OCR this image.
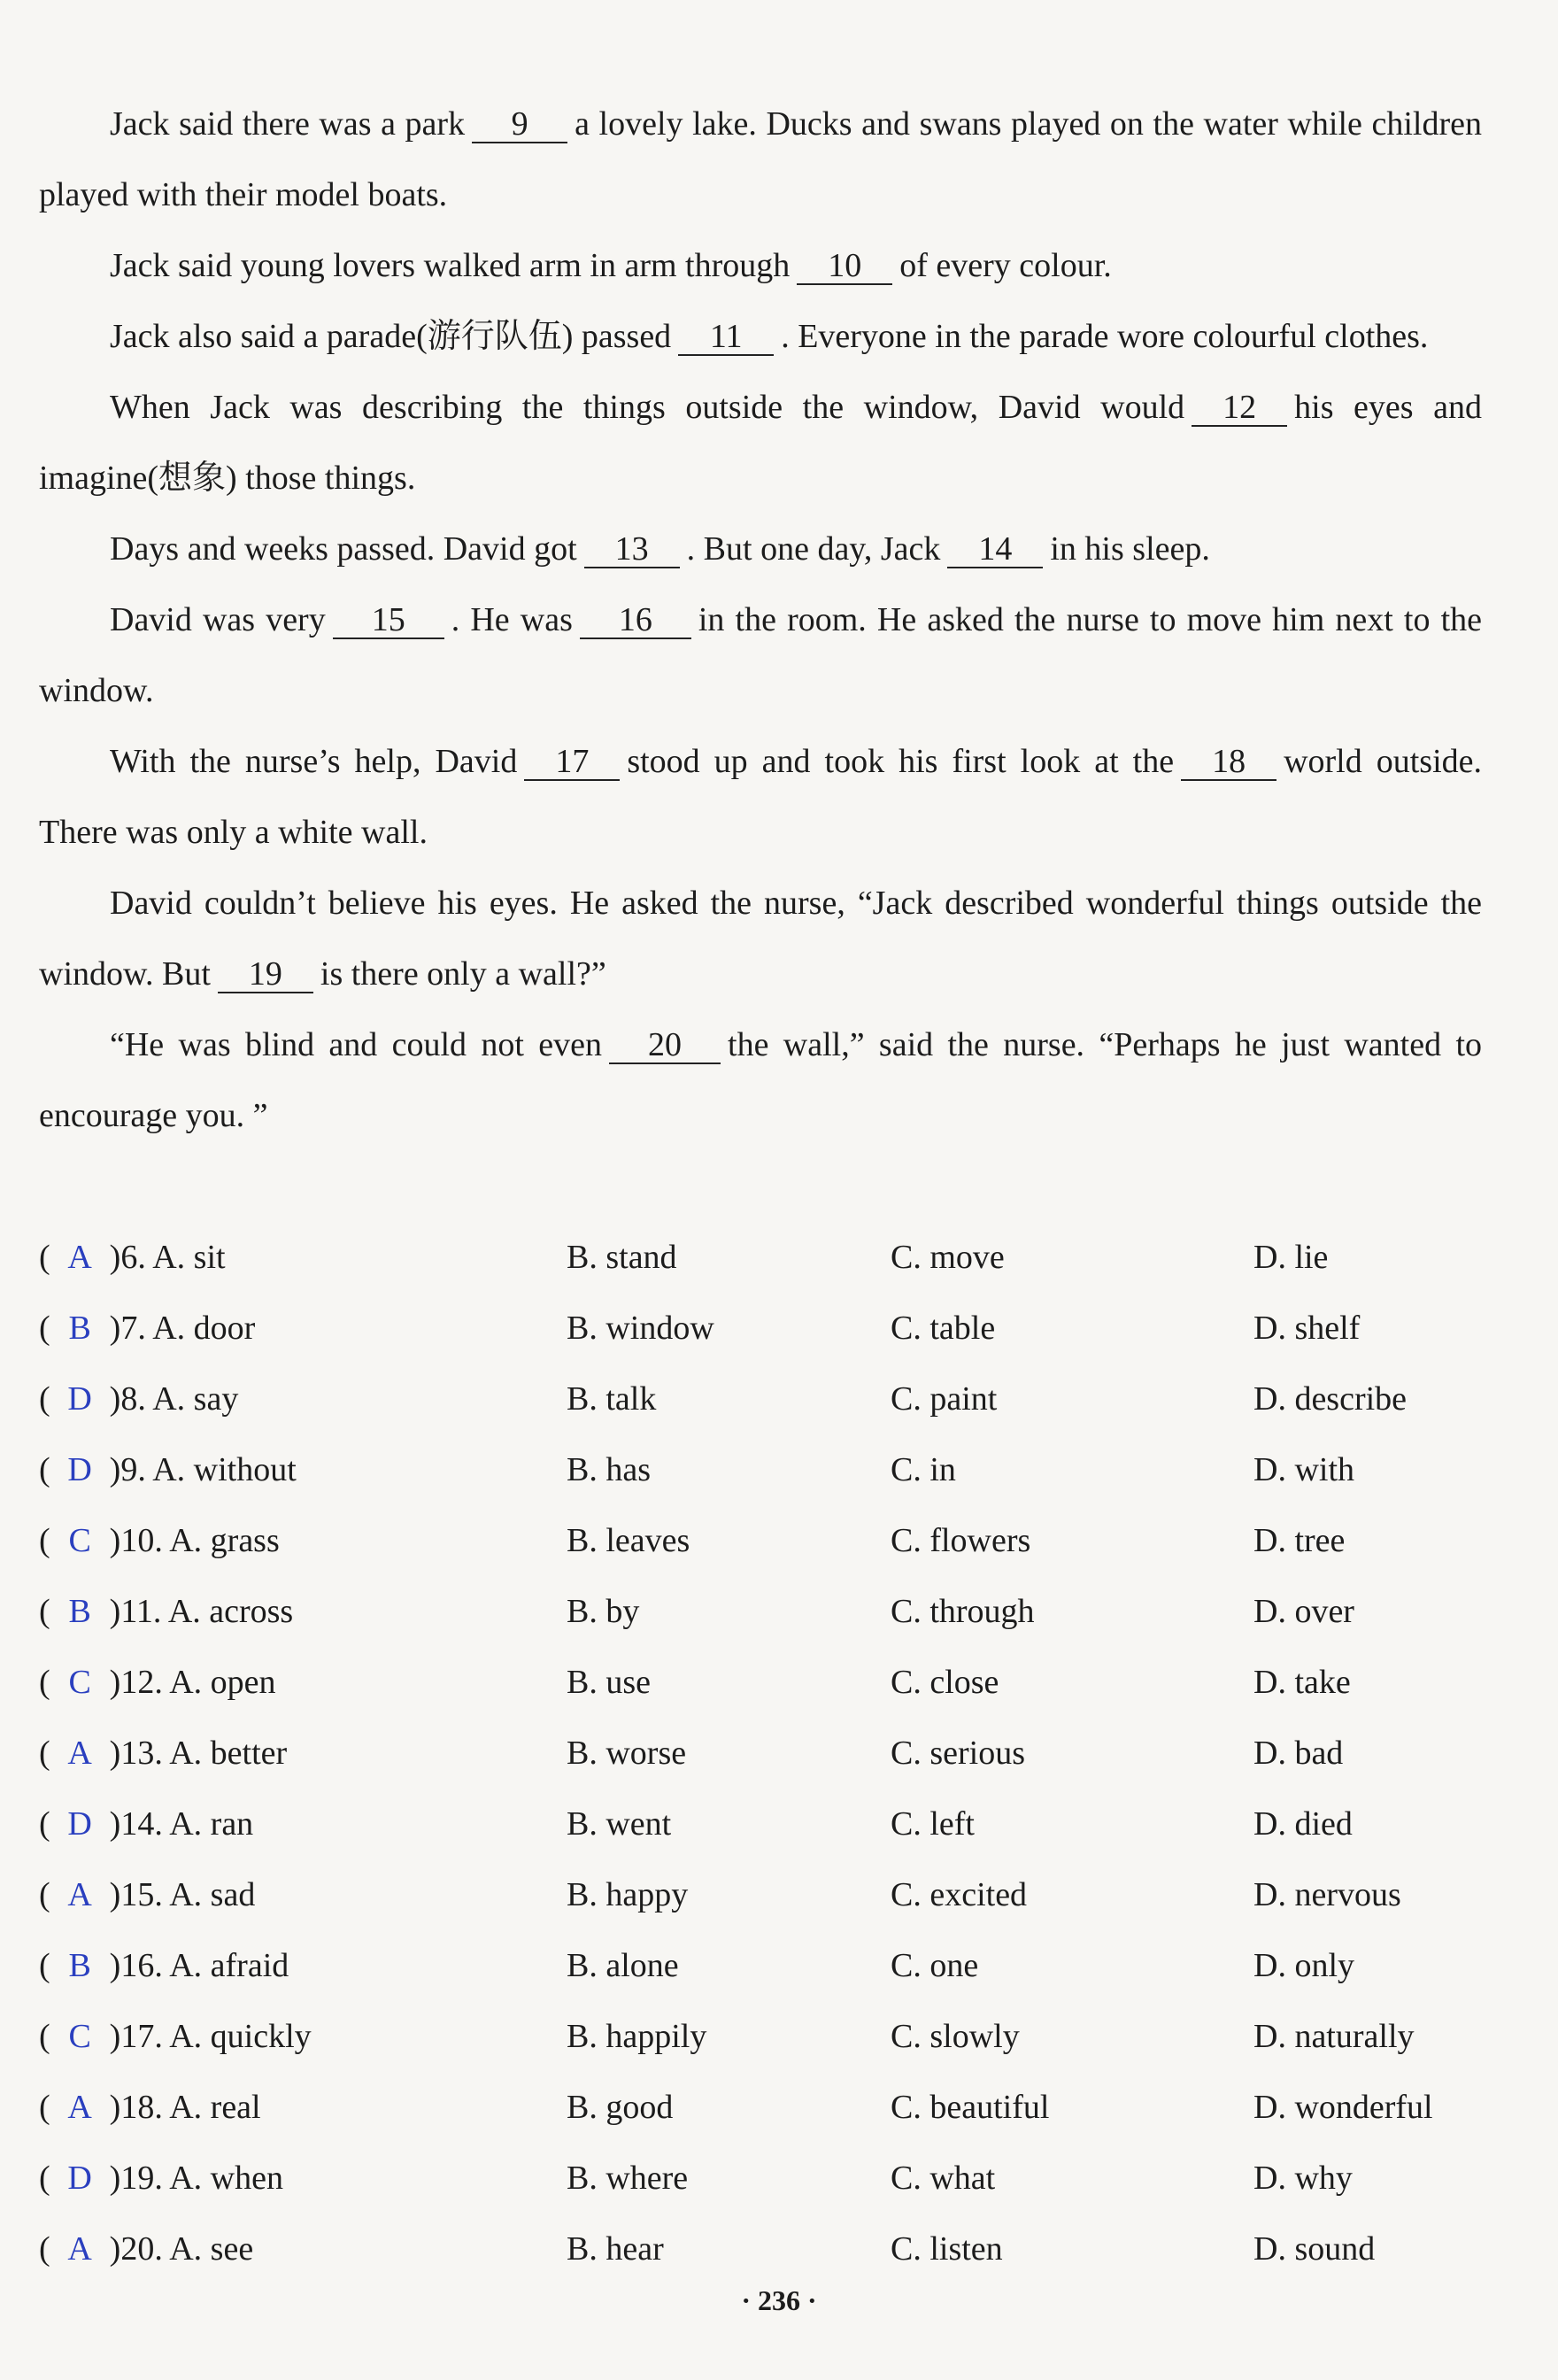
Jack said there was a park 9 a lovely lake. Ducks and swans played on the water while children played with their model boats.

Jack said young lovers walked arm in arm through 10 of every colour.

Jack also said a parade(游行队伍) passed 11 . Everyone in the parade wore colourful clothes.

When Jack was describing the things outside the window, David would 12 his eyes and imagine(想象) those things.

Days and weeks passed. David got 13 . But one day, Jack 14 in his sleep.

David was very 15 . He was 16 in the room. He asked the nurse to move him next to the window.

With the nurse’s help, David 17 stood up and took his first look at the 18 world outside. There was only a white wall.

David couldn’t believe his eyes. He asked the nurse, “Jack described wonderful things outside the window. But 19 is there only a wall?”

“He was blind and could not even 20 the wall,” said the nurse. “Perhaps he just wanted to encourage you. ”

( A )6. A. sit	B. stand	C. move	D. lie
( B )7. A. door	B. window	C. table	D. shelf
( D )8. A. say	B. talk	C. paint	D. describe
( D )9. A. without	B. has	C. in	D. with
( C )10. A. grass	B. leaves	C. flowers	D. tree
( B )11. A. across	B. by	C. through	D. over
( C )12. A. open	B. use	C. close	D. take
( A )13. A. better	B. worse	C. serious	D. bad
( D )14. A. ran	B. went	C. left	D. died
( A )15. A. sad	B. happy	C. excited	D. nervous
( B )16. A. afraid	B. alone	C. one	D. only
( C )17. A. quickly	B. happily	C. slowly	D. naturally
( A )18. A. real	B. good	C. beautiful	D. wonderful
( D )19. A. when	B. where	C. what	D. why
( A )20. A. see	B. hear	C. listen	D. sound
· 236 ·
